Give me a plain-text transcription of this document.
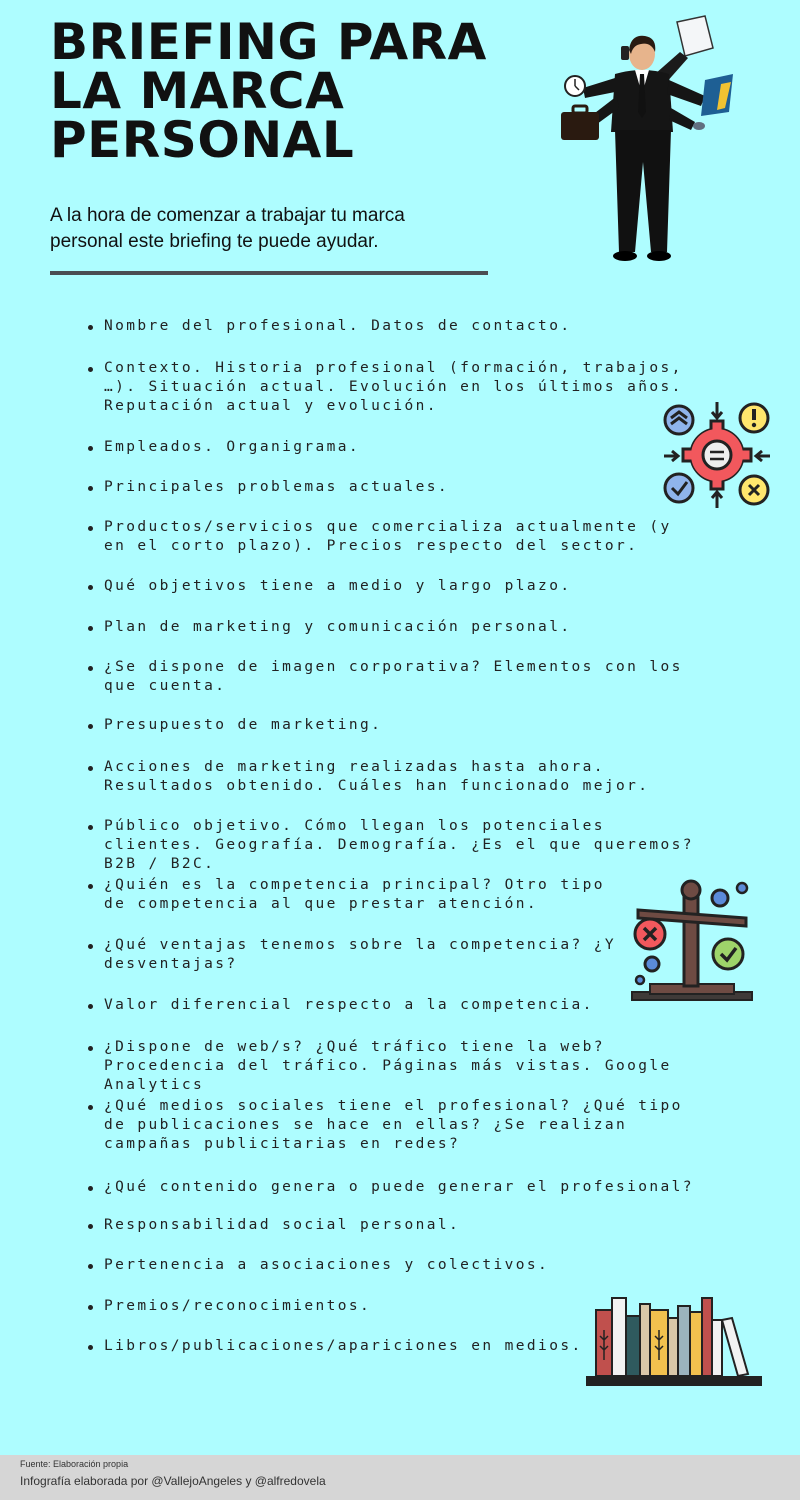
BRIEFING PARA
LA MARCA
PERSONAL

A la hora de comenzar a trabajar tu marca personal este briefing te puede ayudar.

Nombre del profesional. Datos de contacto.
Contexto. Historia profesional (formación, trabajos, …). Situación actual. Evolución en los últimos años. Reputación actual y evolución.
Empleados. Organigrama.
Principales problemas actuales.
Productos/servicios que comercializa actualmente (y en el corto plazo). Precios respecto del sector.
Qué objetivos tiene a medio y largo plazo.
Plan de marketing y comunicación personal.
¿Se dispone de imagen corporativa? Elementos con los que cuenta.
Presupuesto de marketing.
Acciones de marketing realizadas hasta ahora. Resultados obtenido. Cuáles han funcionado mejor.
Público objetivo. Cómo llegan los potenciales clientes. Geografía. Demografía. ¿Es el que queremos? B2B / B2C.
¿Quién es la competencia principal? Otro tipo de competencia al que prestar atención.
¿Qué ventajas tenemos sobre la competencia? ¿Y desventajas?
Valor diferencial respecto a la competencia.
¿Dispone de web/s? ¿Qué tráfico tiene la web? Procedencia del tráfico. Páginas más vistas. Google Analytics
¿Qué medios sociales tiene el profesional? ¿Qué tipo de publicaciones se hace en ellas? ¿Se realizan campañas publicitarias en redes?
¿Qué contenido genera o puede generar el profesional?
Responsabilidad social personal.
Pertenencia a asociaciones y colectivos.
Premios/reconocimientos.
Libros/publicaciones/apariciones en medios.
Fuente: Elaboración propia
Infografía elaborada por @VallejoAngeles y @alfredovela
